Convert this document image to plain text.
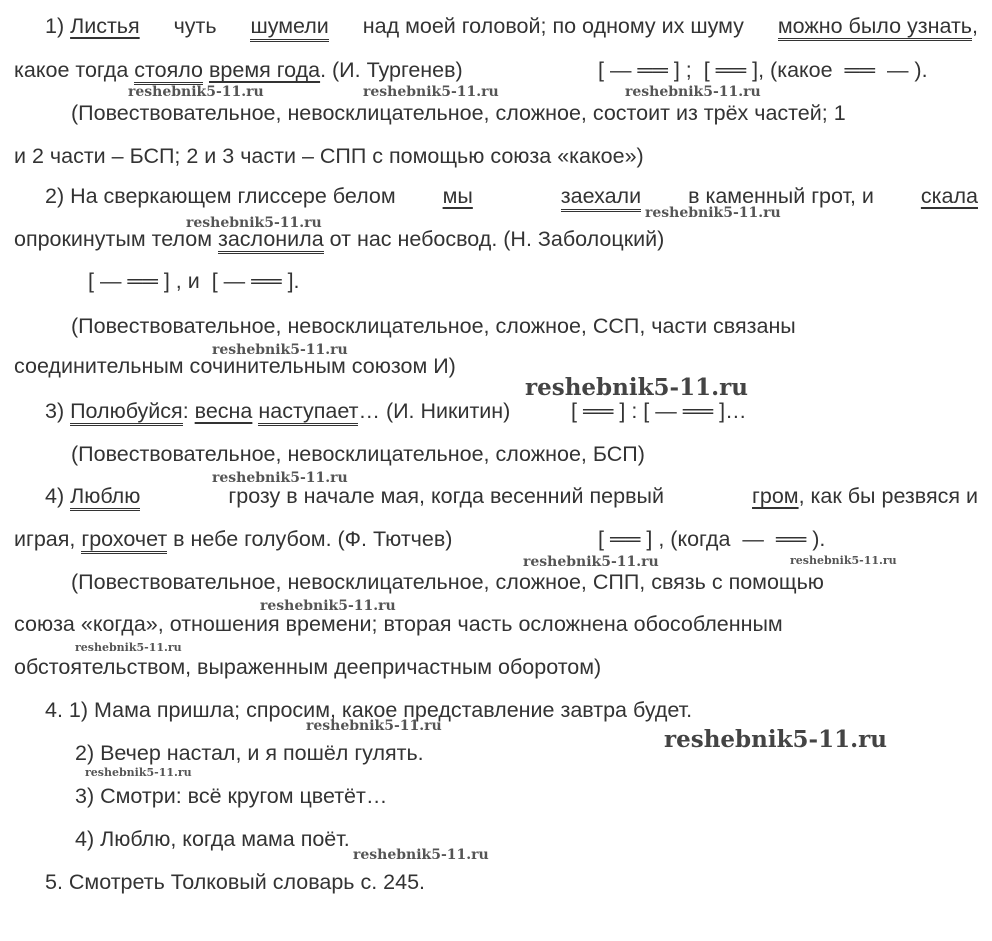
1) Листья чуть шумели над моей головой; по одному их шуму можно было узнать,
какое тогда стояло время года. (И. Тургенев)	[ — ══ ] ;  [ ══ ], (какое  ══  — ).
(Повествовательное, невосклицательное, сложное, состоит из трёх частей; 1
и 2 части – БСП; 2 и 3 части – СПП с помощью союза «какое»)
2) На сверкающем глиссере белом мы
	заехали в каменный грот, и скала
опрокинутым телом заслонила от нас небосвод. (Н. Заболоцкий)
[ — ══ ] , и  [ — ══ ].
(Повествовательное, невосклицательное, сложное, ССП, части связаны
соединительным сочинительным союзом И)
3) Полюбуйся: весна наступает… (И. Никитин)	[ ══ ] : [ — ══ ]…
(Повествовательное, невосклицательное, сложное, БСП)
4) Люблю	грозу в начале мая, когда весенний первый	гром, как бы резвяся и
играя, грохочет в небе голубом. (Ф. Тютчев)	[ ══ ] , (когда  —  ══ ).
(Повествовательное, невосклицательное, сложное, СПП, связь с помощью
союза «когда», отношения времени; вторая часть осложнена обособленным
обстоятельством, выраженным деепричастным оборотом)
4. 1) Мама пришла; спросим, какое представление завтра будет.
2) Вечер настал, и я пошёл гулять.
3) Смотри: всё кругом цветёт…
4) Люблю, когда мама поёт.
5. Смотреть Толковый словарь с. 245.
reshebnik5-11.ru	reshebnik5-11.ru	reshebnik5-11.ru
reshebnik5-11.ru
reshebnik5-11.ru
reshebnik5-11.ru
reshebnik5-11.ru
reshebnik5-11.ru
reshebnik5-11.ru	reshebnik5-11.ru
reshebnik5-11.ru
reshebnik5-11.ru
reshebnik5-11.ru	reshebnik5-11.ru
reshebnik5-11.ru
reshebnik5-11.ru
